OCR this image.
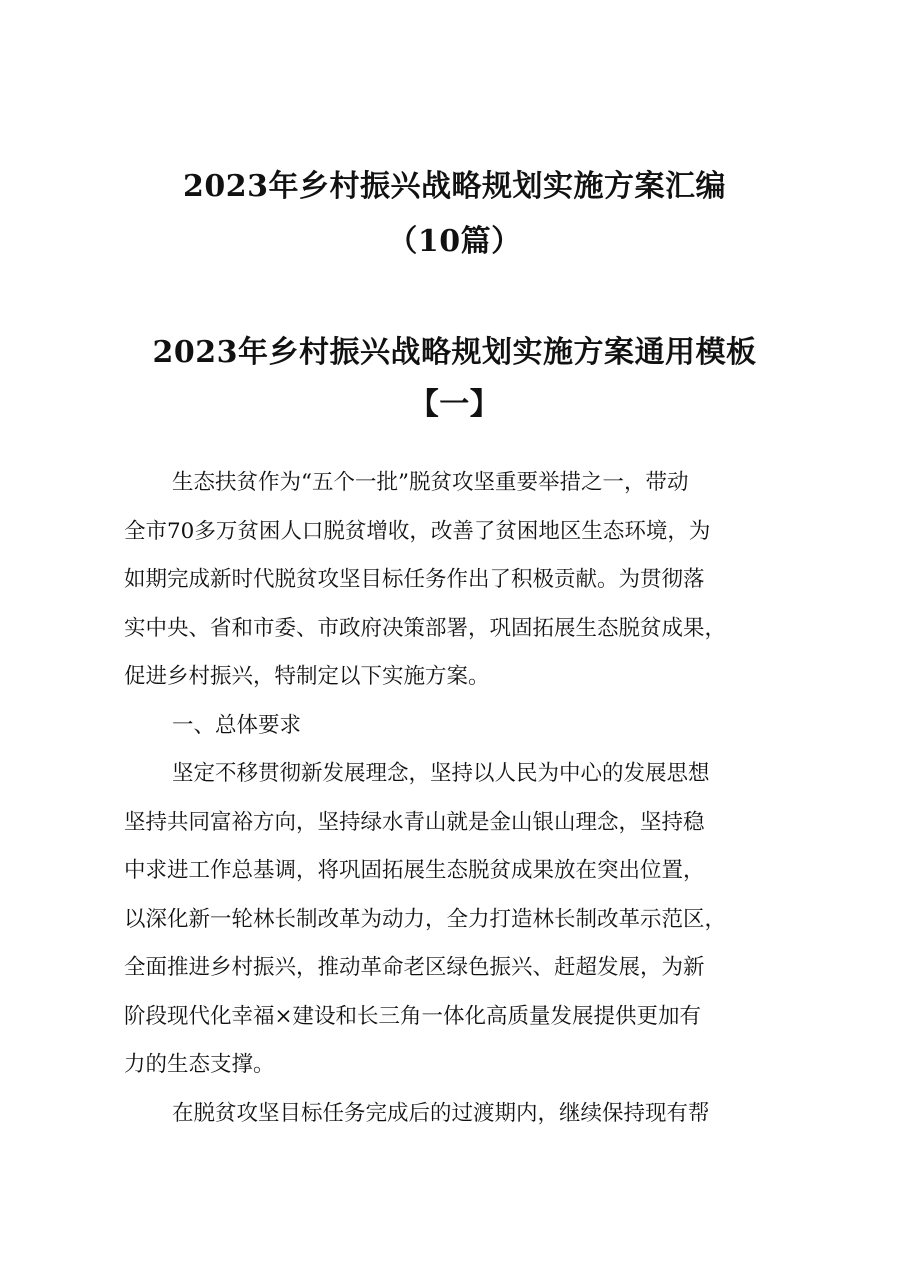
2023年乡村振兴战略规划实施方案汇编
（10篇）
2023年乡村振兴战略规划实施方案通用模板
【一】
生态扶贫作为“五个一批”脱贫攻坚重要举措之一，带动
全市70多万贫困人口脱贫增收，改善了贫困地区生态环境，为
如期完成新时代脱贫攻坚目标任务作出了积极贡献。为贯彻落
实中央、省和市委、市政府决策部署，巩固拓展生态脱贫成果，
促进乡村振兴，特制定以下实施方案。
一、总体要求
坚定不移贯彻新发展理念，坚持以人民为中心的发展思想
坚持共同富裕方向，坚持绿水青山就是金山银山理念，坚持稳
中求进工作总基调，将巩固拓展生态脱贫成果放在突出位置，
以深化新一轮林长制改革为动力，全力打造林长制改革示范区，
全面推进乡村振兴，推动革命老区绿色振兴、赶超发展，为新
阶段现代化幸福×建设和长三角一体化高质量发展提供更加有
力的生态支撑。
在脱贫攻坚目标任务完成后的过渡期内，继续保持现有帮
